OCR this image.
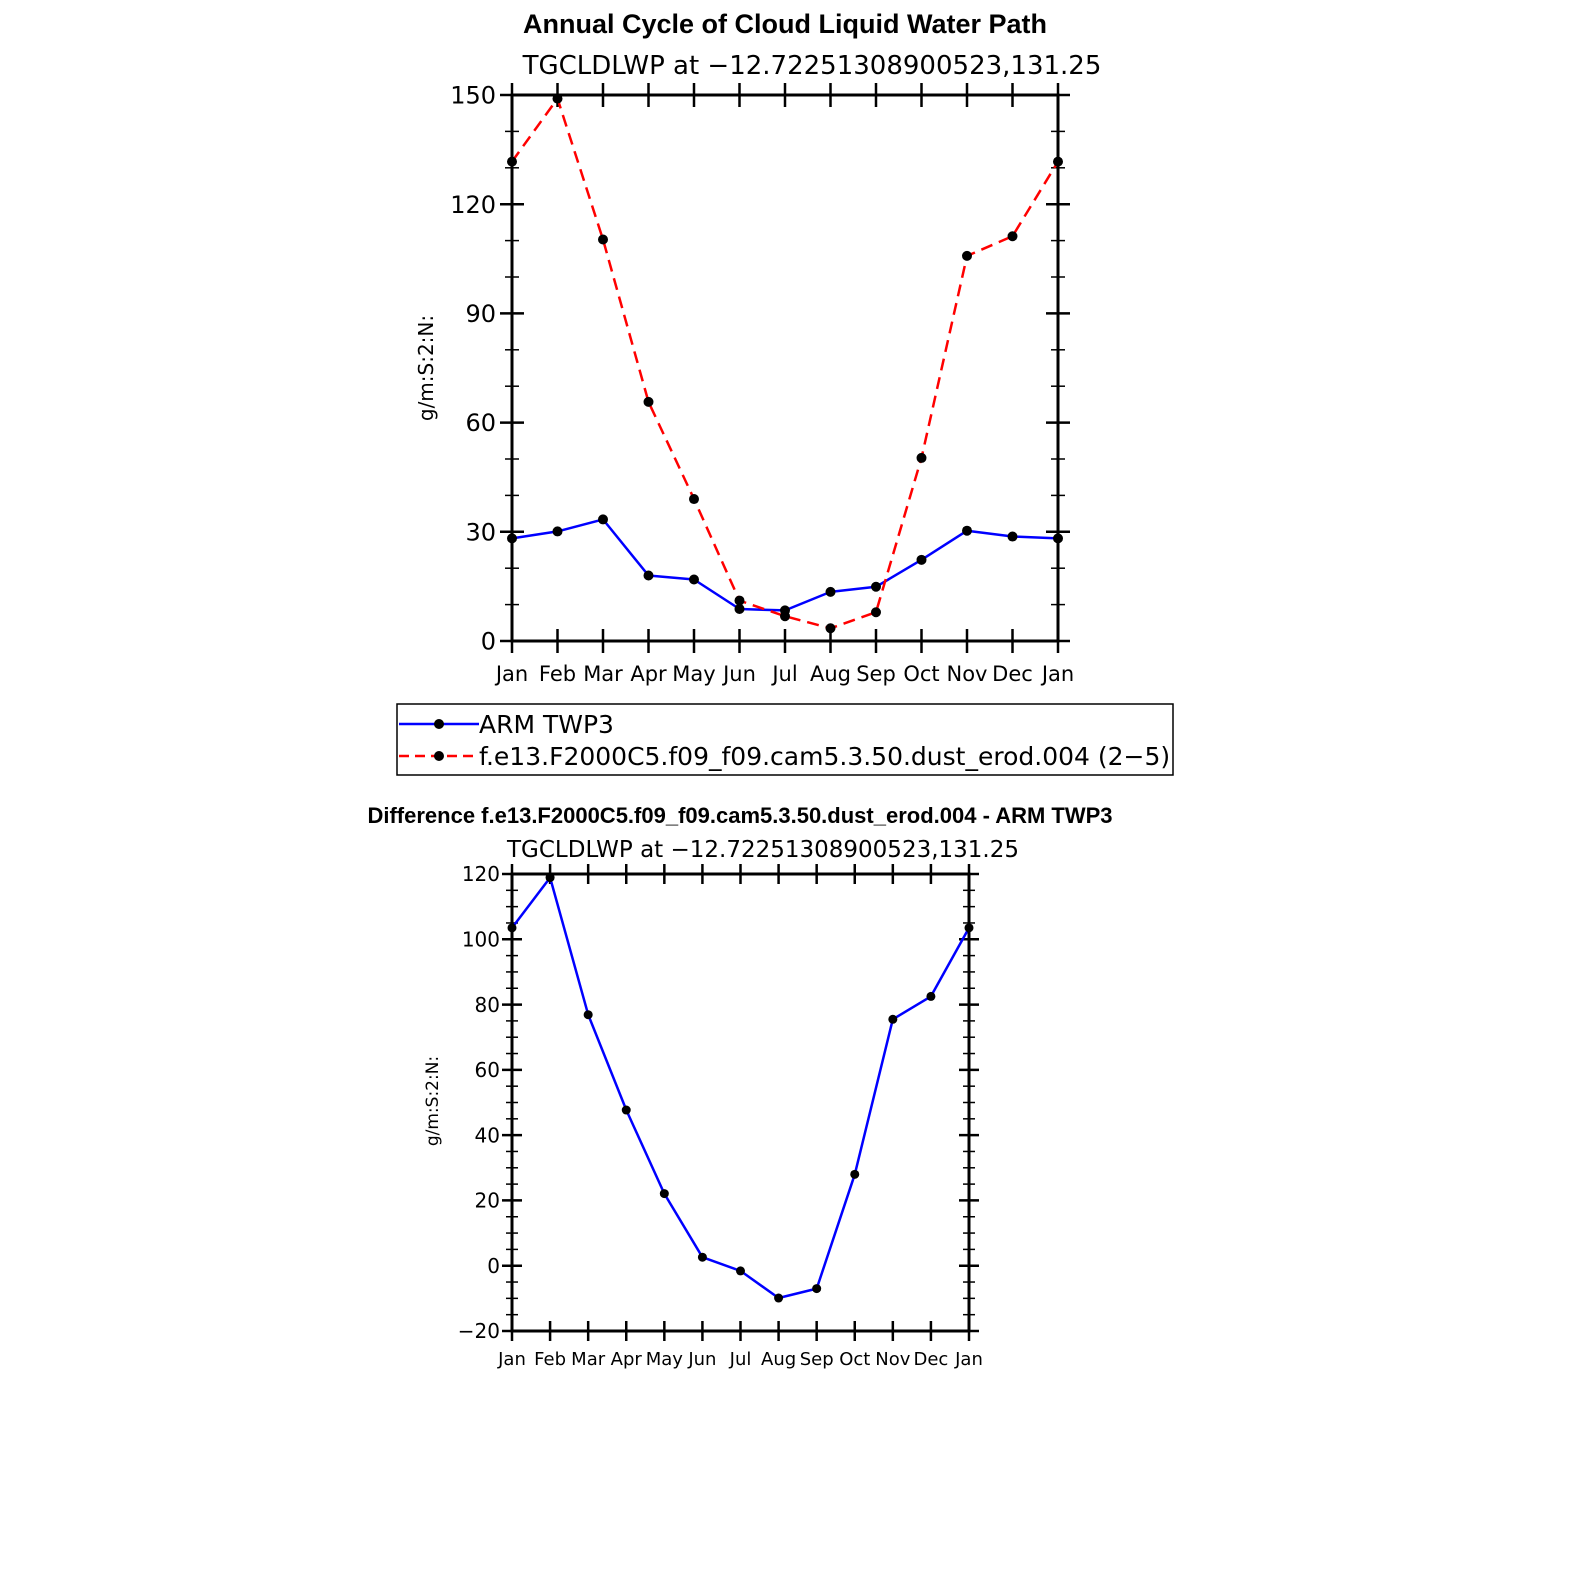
Annual Cycle of Cloud Liquid Water Path
TGCLDLWP at −12.72251308900523,131.25
g/m:S:2:N:
Jan Feb Mar Apr May Jun Jul Aug Sep Oct Nov Dec Jan
0
30
60
90
120
150
ARM TWP3
f.e13.F2000C5.f09_f09.cam5.3.50.dust_erod.004 (2−5)
Difference f.e13.F2000C5.f09_f09.cam5.3.50.dust_erod.004 - ARM TWP3
TGCLDLWP at −12.72251308900523,131.25
g/m:S:2:N:
Jan Feb Mar Apr May Jun Jul Aug Sep Oct Nov Dec Jan
−20
0
20
40
60
80
100
120
